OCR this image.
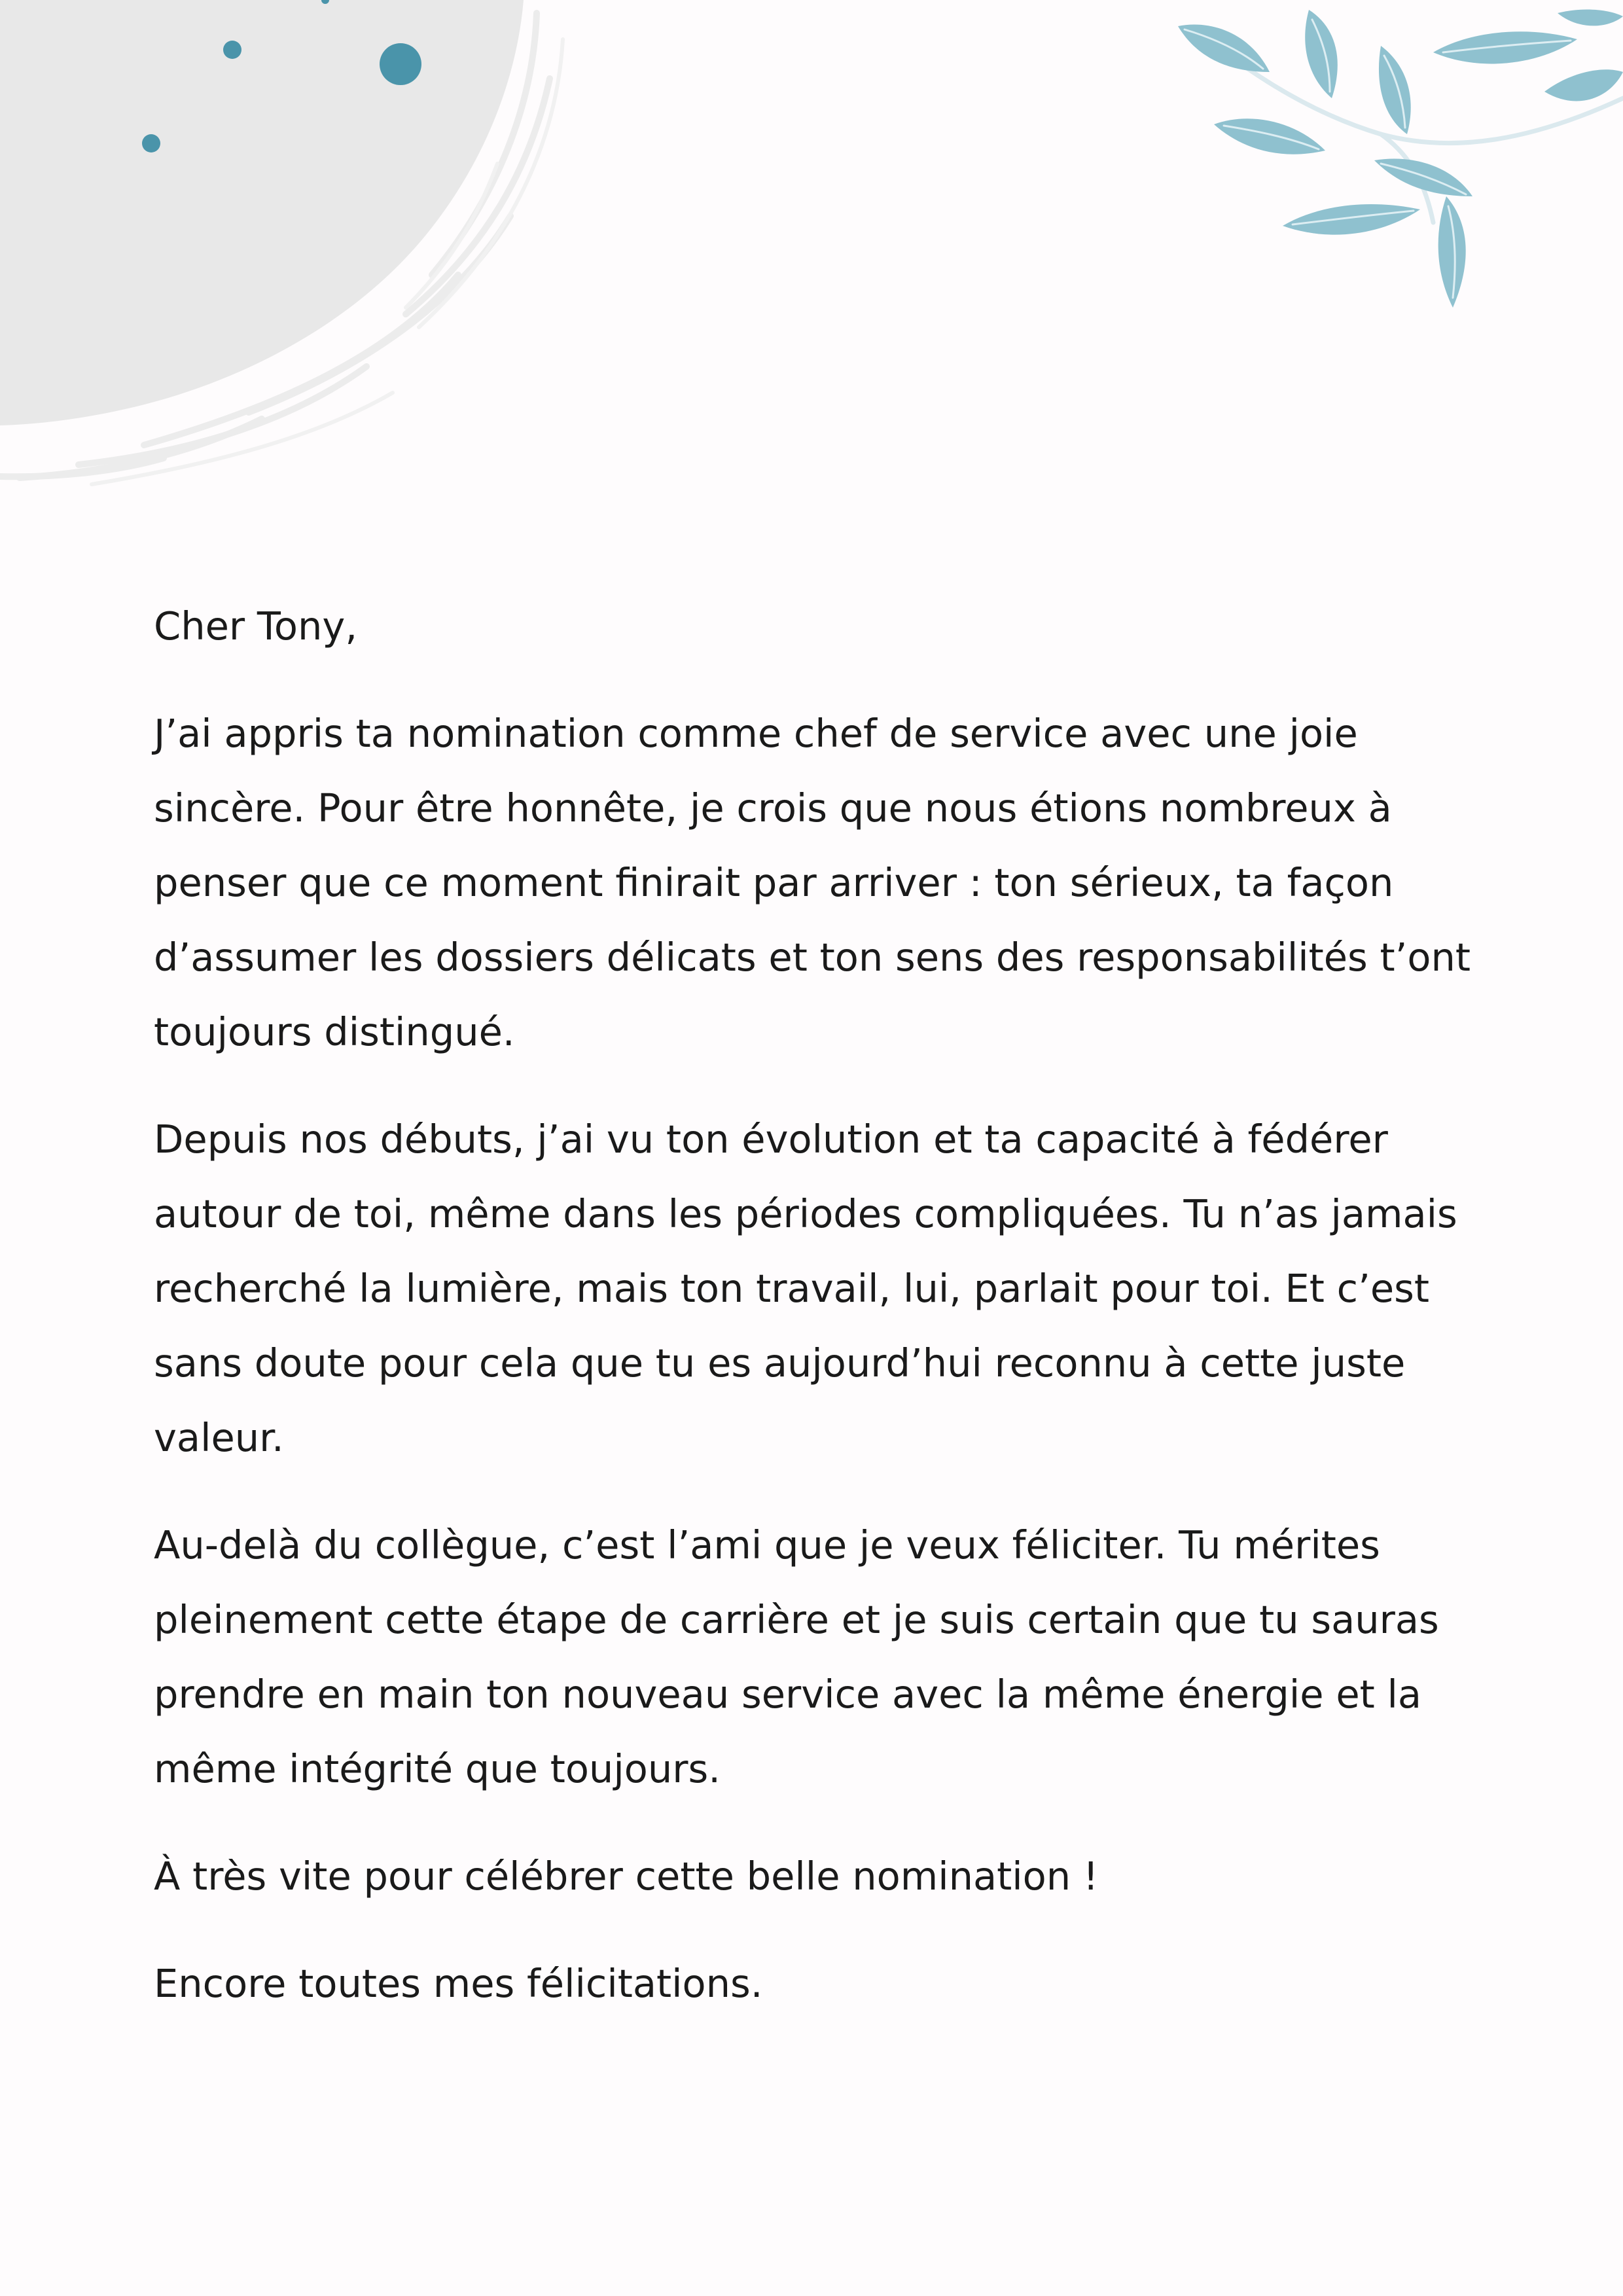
Cher Tony,

J’ai appris ta nomination comme chef de service avec une joie
sincère. Pour être honnête, je crois que nous étions nombreux à
penser que ce moment finirait par arriver : ton sérieux, ta façon
d’assumer les dossiers délicats et ton sens des responsabilités t’ont
toujours distingué.

Depuis nos débuts, j’ai vu ton évolution et ta capacité à fédérer
autour de toi, même dans les périodes compliquées. Tu n’as jamais
recherché la lumière, mais ton travail, lui, parlait pour toi. Et c’est
sans doute pour cela que tu es aujourd’hui reconnu à cette juste
valeur.

Au-delà du collègue, c’est l’ami que je veux féliciter. Tu mérites
pleinement cette étape de carrière et je suis certain que tu sauras
prendre en main ton nouveau service avec la même énergie et la
même intégrité que toujours.

À très vite pour célébrer cette belle nomination !

Encore toutes mes félicitations.
